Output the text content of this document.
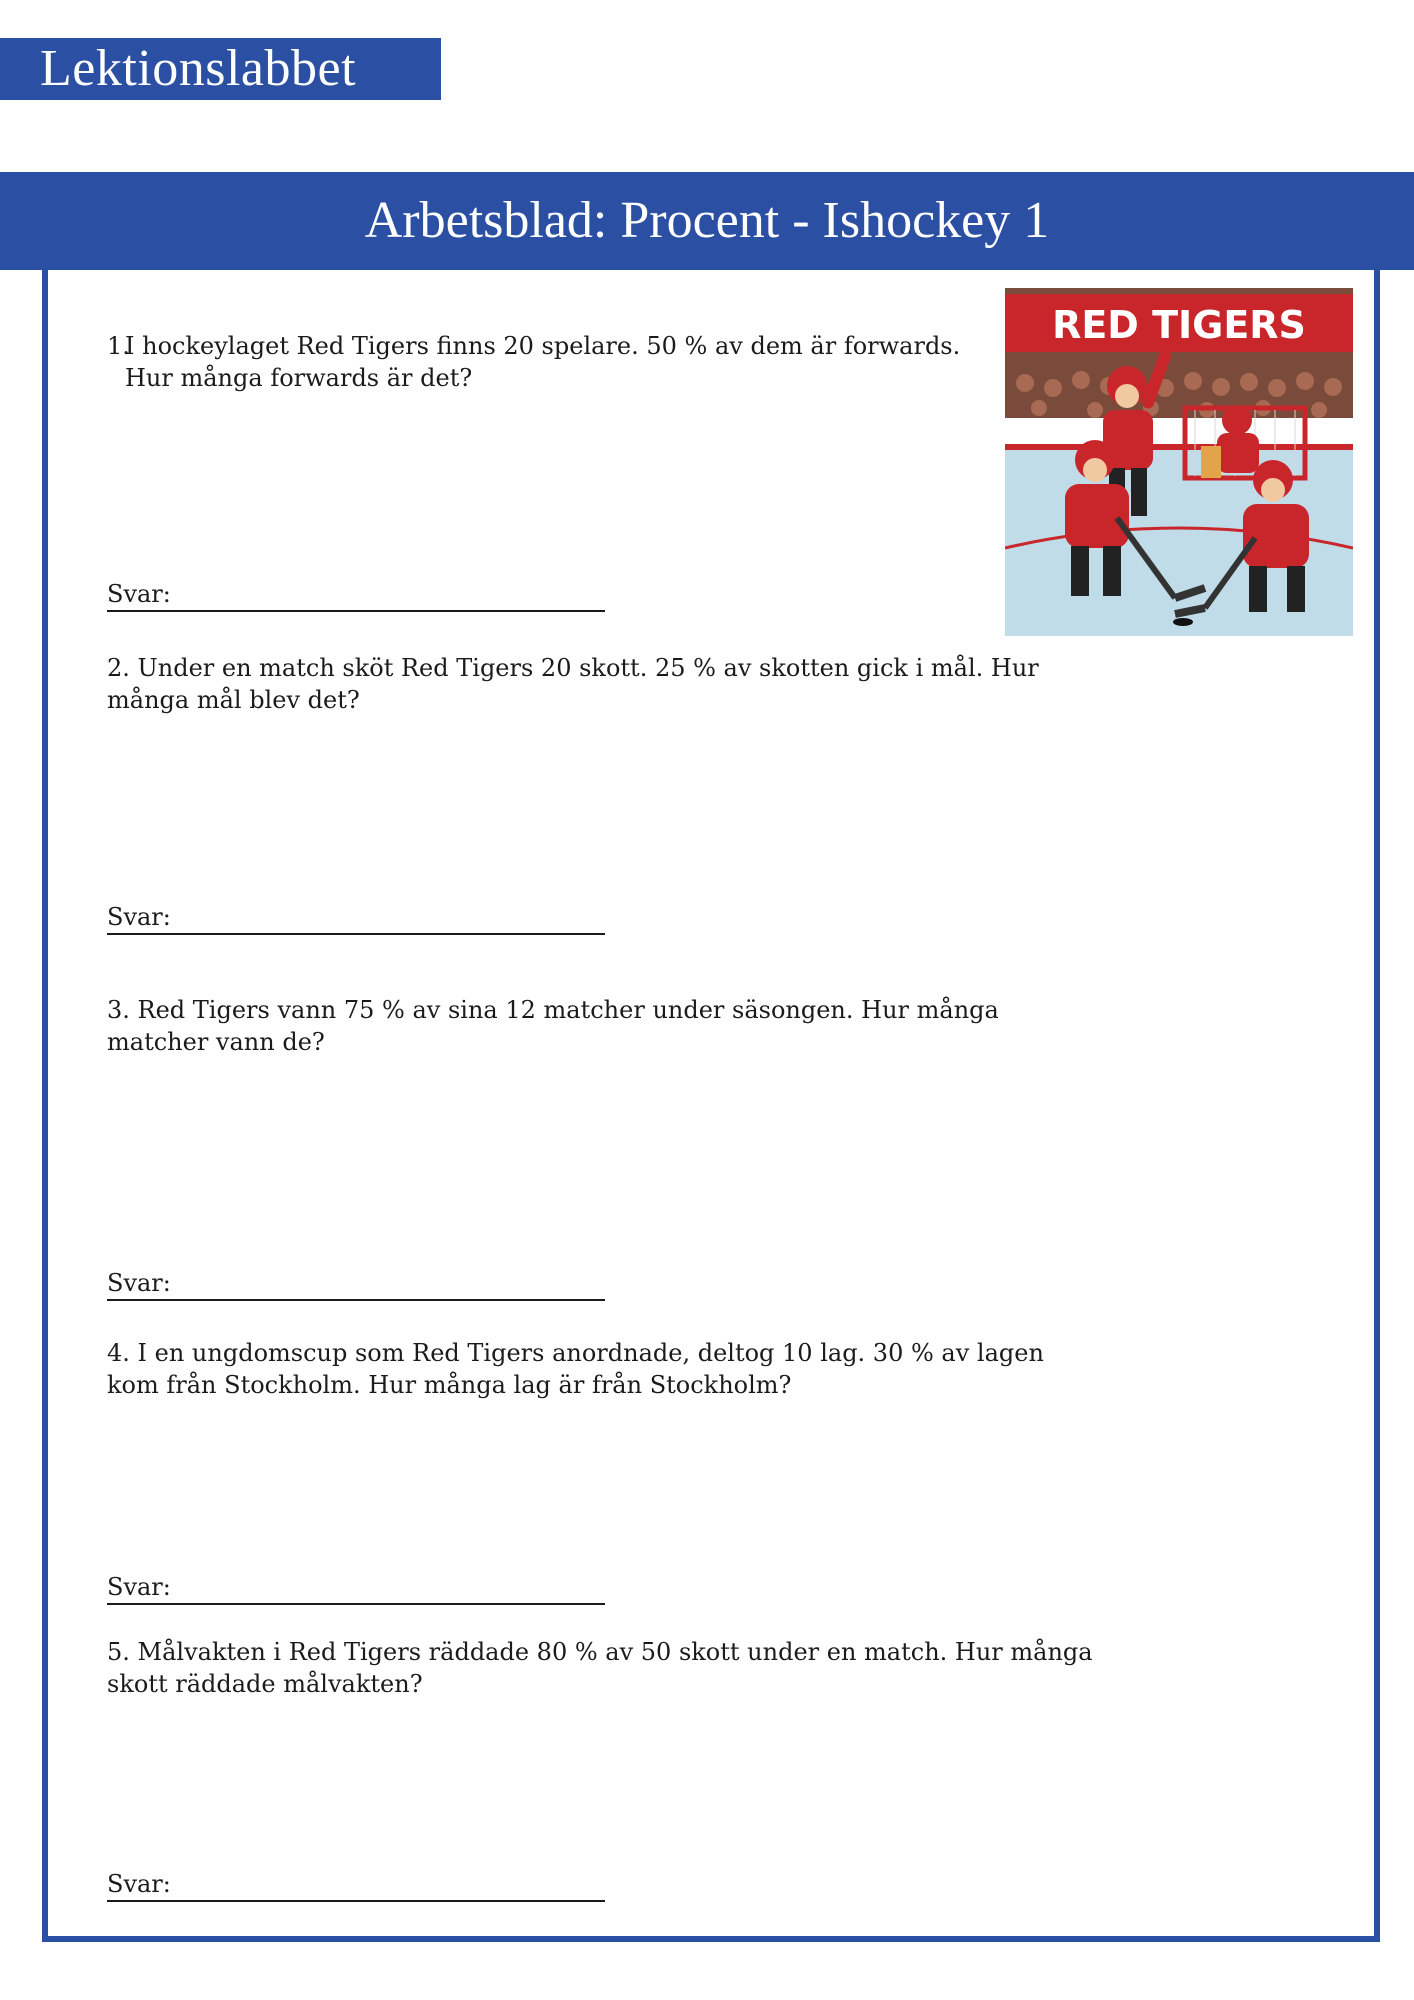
Lektionslabbet
Arbetsblad: Procent - Ishockey 1
RED TIGERS
1.I hockeylaget Red Tigers finns 20 spelare. 50 % av dem är forwards.
Hur många forwards är det?
Svar:
2. Under en match sköt Red Tigers 20 skott. 25 % av skotten gick i mål. Hur många mål blev det?
Svar:
3. Red Tigers vann 75 % av sina 12 matcher under säsongen. Hur många matcher vann de?
Svar:
4. I en ungdomscup som Red Tigers anordnade, deltog 10 lag. 30 % av lagen kom från Stockholm. Hur många lag är från Stockholm?
Svar:
5. Målvakten i Red Tigers räddade 80 % av 50 skott under en match. Hur många skott räddade målvakten?
Svar:
